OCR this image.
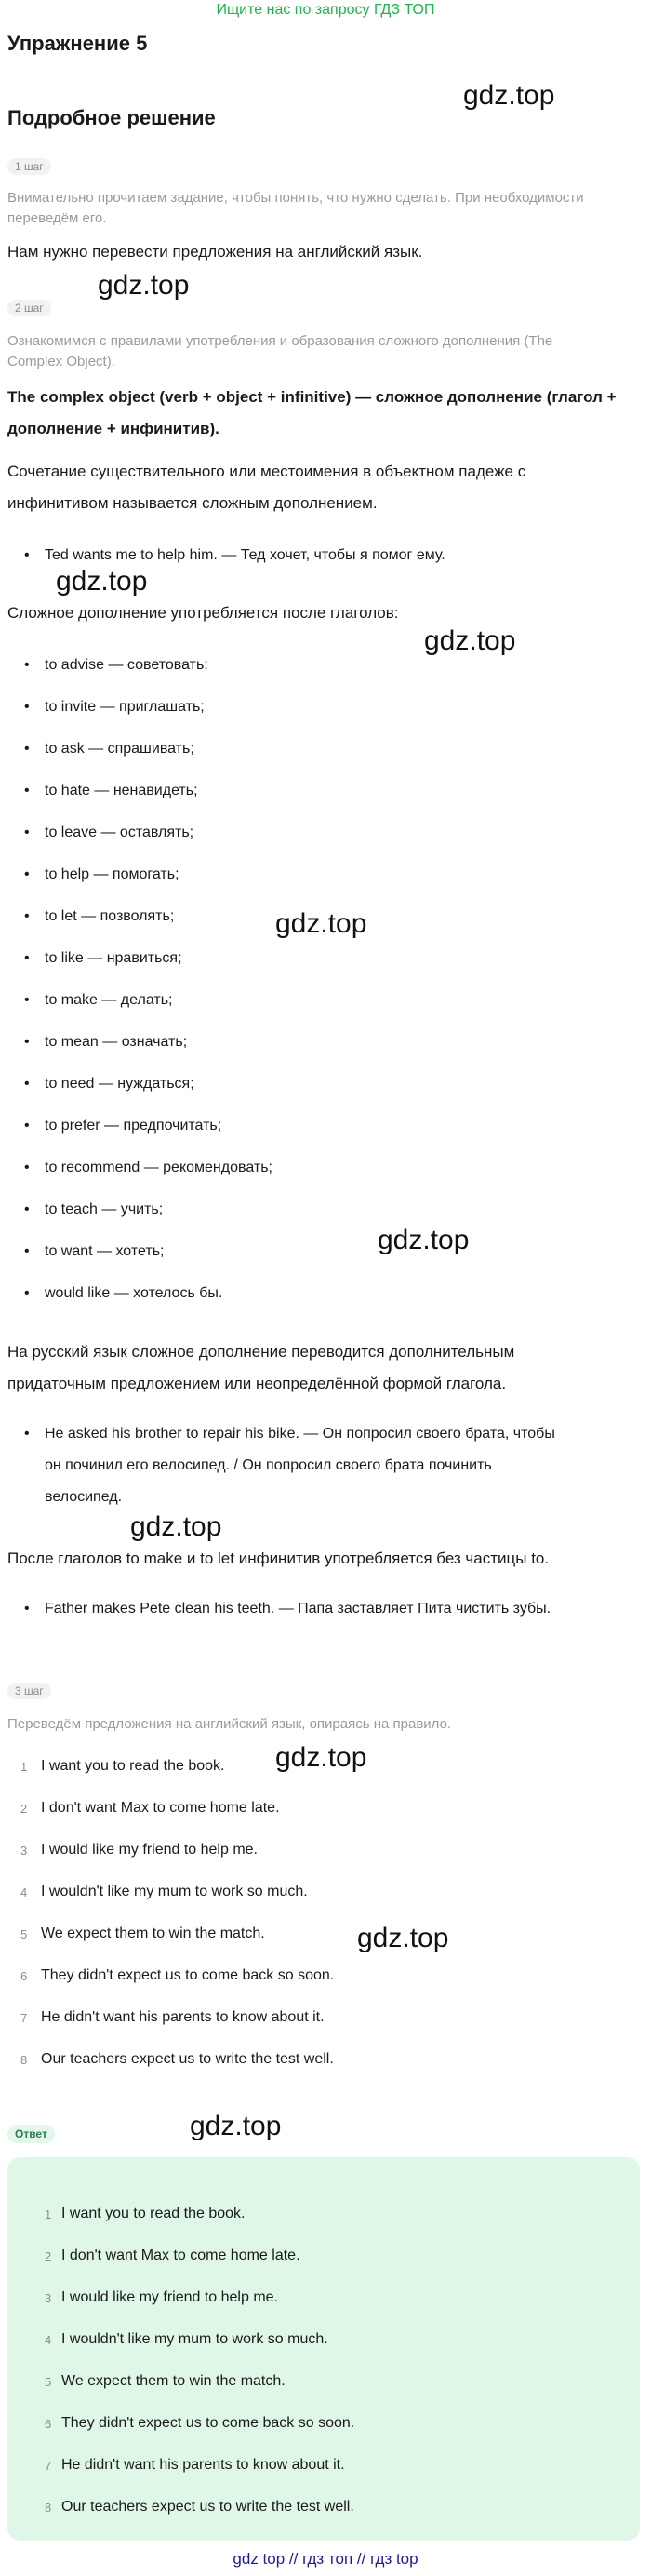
Ищите нас по запросу ГДЗ ТОП
Упражнение 5
Подробное решение
gdz.top
gdz.top
gdz.top
gdz.top
gdz.top
gdz.top
gdz.top
gdz.top
gdz.top
gdz.top
1 шаг
Внимательно прочитаем задание, чтобы понять, что нужно сделать. При необходимости
переведём его.
Нам нужно перевести предложения на английский язык.
2 шаг
Ознакомимся с правилами употребления и образования сложного дополнения (The
Complex Object).
The complex object (verb + object + infinitive) — сложное дополнение (глагол +
дополнение + инфинитив).
Сочетание существительного или местоимения в объектном падеже с
инфинитивом называется сложным дополнением.
• Ted wants me to help him. — Тед хочет, чтобы я помог ему.
Сложное дополнение употребляется после глаголов:
• to advise — советовать;
• to invite — приглашать;
• to ask — спрашивать;
• to hate — ненавидеть;
• to leave — оставлять;
• to help — помогать;
• to let — позволять;
• to like — нравиться;
• to make — делать;
• to mean — означать;
• to need — нуждаться;
• to prefer — предпочитать;
• to recommend — рекомендовать;
• to teach — учить;
• to want — хотеть;
• would like — хотелось бы.
На русский язык сложное дополнение переводится дополнительным
придаточным предложением или неопределённой формой глагола.
• He asked his brother to repair his bike. — Он попросил своего брата, чтобы
он починил его велосипед. / Он попросил своего брата починить
велосипед.
После глаголов to make и to let инфинитив употребляется без частицы to.
• Father makes Pete clean his teeth. — Папа заставляет Пита чистить зубы.
3 шаг
Переведём предложения на английский язык, опираясь на правило.
1 I want you to read the book.
2 I don't want Max to come home late.
3 I would like my friend to help me.
4 I wouldn't like my mum to work so much.
5 We expect them to win the match.
6 They didn't expect us to come back so soon.
7 He didn't want his parents to know about it.
8 Our teachers expect us to write the test well.
Ответ
1 I want you to read the book.
2 I don't want Max to come home late.
3 I would like my friend to help me.
4 I wouldn't like my mum to work so much.
5 We expect them to win the match.
6 They didn't expect us to come back so soon.
7 He didn't want his parents to know about it.
8 Our teachers expect us to write the test well.
gdz top // гдз топ // гдз top
